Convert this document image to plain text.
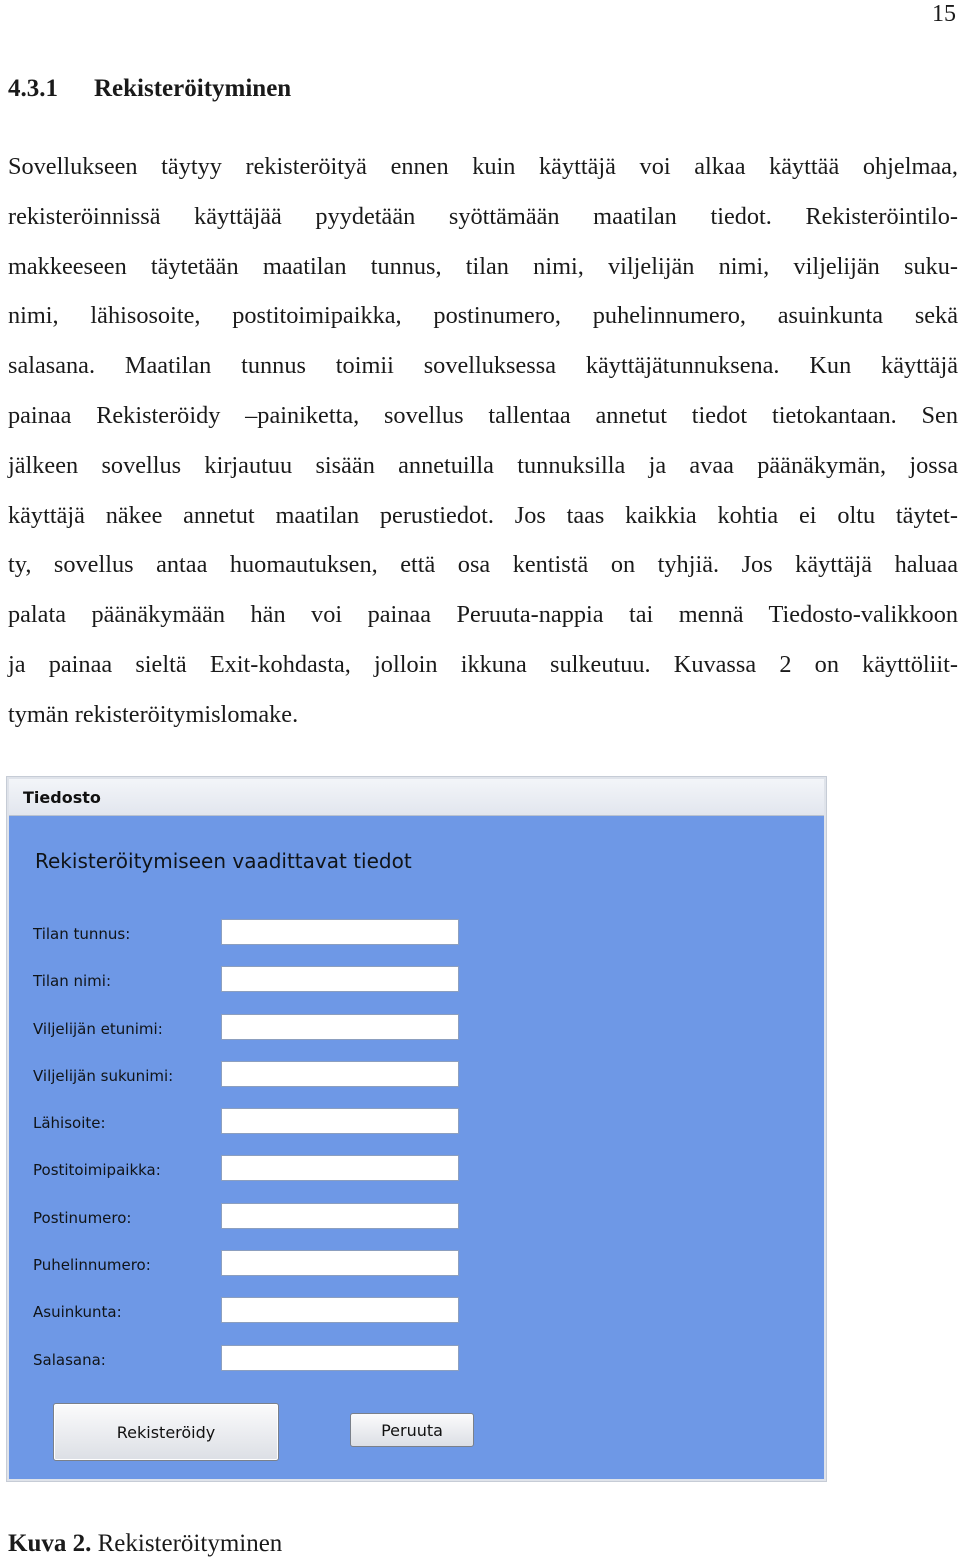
15
4.3.1 Rekisteröityminen
Sovellukseen täytyy rekisteröityä ennen kuin käyttäjä voi alkaa käyttää ohjelmaa,
rekisteröinnissä käyttäjää pyydetään syöttämään maatilan tiedot. Rekisteröintilo-
makkeeseen täytetään maatilan tunnus, tilan nimi, viljelijän nimi, viljelijän suku-
nimi, lähisosoite, postitoimipaikka, postinumero, puhelinnumero, asuinkunta sekä
salasana. Maatilan tunnus toimii sovelluksessa käyttäjätunnuksena. Kun käyttäjä
painaa Rekisteröidy –painiketta, sovellus tallentaa annetut tiedot tietokantaan. Sen
jälkeen sovellus kirjautuu sisään annetuilla tunnuksilla ja avaa päänäkymän, jossa
käyttäjä näkee annetut maatilan perustiedot. Jos taas kaikkia kohtia ei oltu täytet-
ty, sovellus antaa huomautuksen, että osa kentistä on tyhjiä. Jos käyttäjä haluaa
palata päänäkymään hän voi painaa Peruuta-nappia tai mennä Tiedosto-valikkoon
ja painaa sieltä Exit-kohdasta, jolloin ikkuna sulkeutuu. Kuvassa 2 on käyttöliit-
tymän rekisteröitymislomake.
Tiedosto
Rekisteröitymiseen vaadittavat tiedot
Tilan tunnus:
Tilan nimi:
Viljelijän etunimi:
Viljelijän sukunimi:
Lähisoite:
Postitoimipaikka:
Postinumero:
Puhelinnumero:
Asuinkunta:
Salasana:
Rekisteröidy	Peruuta

Kuva 2. Rekisteröityminen
